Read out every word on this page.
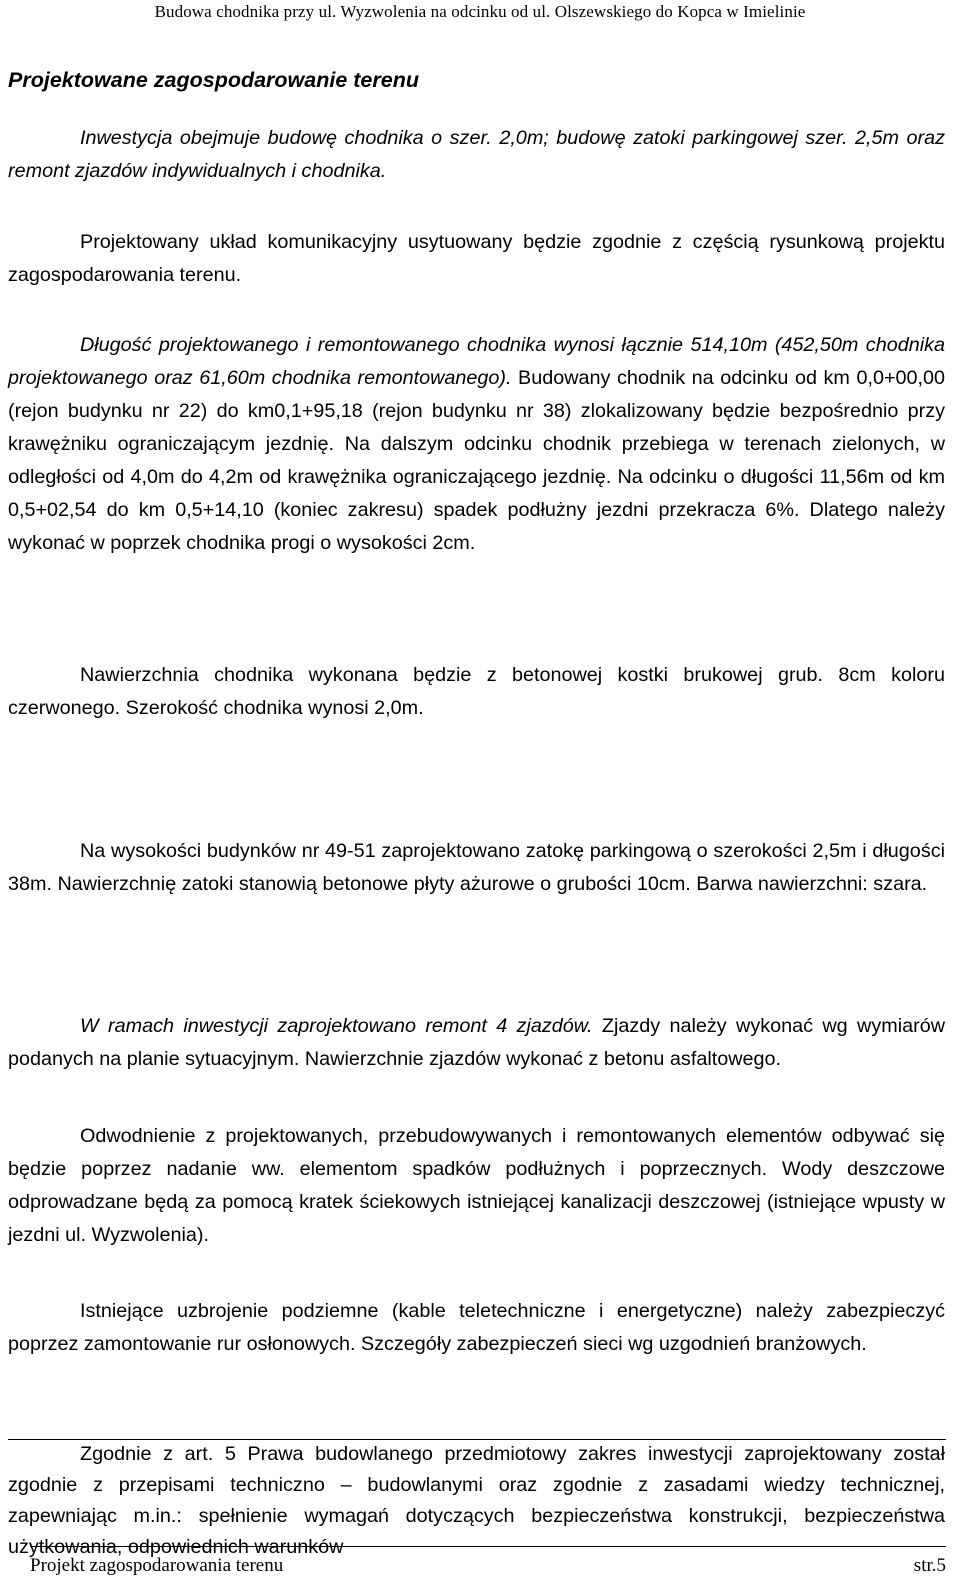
Budowa chodnika przy ul. Wyzwolenia na odcinku od ul. Olszewskiego do Kopca w Imielinie
Projektowane zagospodarowanie terenu

Inwestycja obejmuje budowę chodnika o szer. 2,0m; budowę zatoki parkingowej szer. 2,5m oraz remont zjazdów indywidualnych i chodnika.

Projektowany układ komunikacyjny usytuowany będzie zgodnie z częścią rysunkową projektu zagospodarowania terenu.

Długość projektowanego i remontowanego chodnika wynosi łącznie 514,10m (452,50m chodnika projektowanego oraz 61,60m chodnika remontowanego). Budowany chodnik na odcinku od km 0,0+00,00 (rejon budynku nr 22) do km0,1+95,18 (rejon budynku nr 38) zlokalizowany będzie bezpośrednio przy krawężniku ograniczającym jezdnię. Na dalszym odcinku chodnik przebiega w terenach zielonych, w odległości od 4,0m do 4,2m od krawężnika ograniczającego jezdnię. Na odcinku o długości 11,56m od km 0,5+02,54 do km 0,5+14,10 (koniec zakresu) spadek podłużny jezdni przekracza 6%. Dlatego należy wykonać w poprzek chodnika progi o wysokości 2cm.

Nawierzchnia chodnika wykonana będzie z betonowej kostki brukowej grub. 8cm koloru czerwonego. Szerokość chodnika wynosi 2,0m.

Na wysokości budynków nr 49-51 zaprojektowano zatokę parkingową o szerokości 2,5m i długości 38m. Nawierzchnię zatoki stanowią betonowe płyty ażurowe o grubości 10cm. Barwa nawierzchni: szara.

W ramach inwestycji zaprojektowano remont 4 zjazdów. Zjazdy należy wykonać wg wymiarów podanych na planie sytuacyjnym. Nawierzchnie zjazdów wykonać z betonu asfaltowego.

Odwodnienie z projektowanych, przebudowywanych i remontowanych elementów odbywać się będzie poprzez nadanie ww. elementom spadków podłużnych i poprzecznych. Wody deszczowe odprowadzane będą za pomocą kratek ściekowych istniejącej kanalizacji deszczowej (istniejące wpusty w jezdni ul. Wyzwolenia).

Istniejące uzbrojenie podziemne (kable teletechniczne i energetyczne) należy zabezpieczyć poprzez zamontowanie rur osłonowych. Szczegóły zabezpieczeń sieci wg uzgodnień branżowych.

Zgodnie z art. 5 Prawa budowlanego przedmiotowy zakres inwestycji zaprojektowany został zgodnie z przepisami techniczno – budowlanymi oraz zgodnie z zasadami wiedzy technicznej, zapewniając m.in.: spełnienie wymagań dotyczących bezpieczeństwa konstrukcji, bezpieczeństwa użytkowania, odpowiednich warunków

Projekt zagospodarowania terenu	str.5
